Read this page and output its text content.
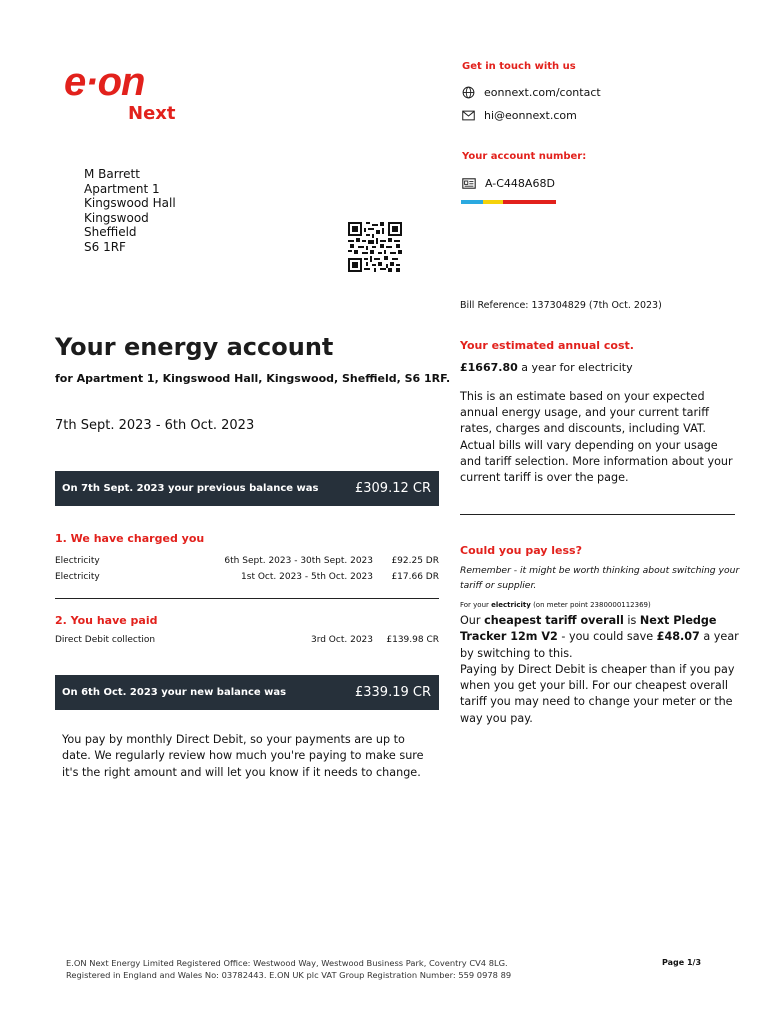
e·on
Next
Get in touch with us
eonnext.com/contact
hi@eonnext.com
Your account number:
A-C448A68D
M Barrett
Apartment 1
Kingswood Hall
Kingswood
Sheffield
S6 1RF
Bill Reference: 137304829 (7th Oct. 2023)
Your energy account
for Apartment 1, Kingswood Hall, Kingswood, Sheffield, S6 1RF.
7th Sept. 2023 - 6th Oct. 2023
On 7th Sept. 2023 your previous balance was	£309.12 CR
1. We have charged you
Electricity	6th Sept. 2023 - 30th Sept. 2023	£92.25 DR
Electricity	1st Oct. 2023 - 5th Oct. 2023	£17.66 DR
2. You have paid
Direct Debit collection	3rd Oct. 2023	£139.98 CR
On 6th Oct. 2023 your new balance was	£339.19 CR
You pay by monthly Direct Debit, so your payments are up to date. We regularly review how much you're paying to make sure it's the right amount and will let you know if it needs to change.
Your estimated annual cost.
£1667.80 a year for electricity
This is an estimate based on your expected annual energy usage, and your current tariff rates, charges and discounts, including VAT. Actual bills will vary depending on your usage and tariff selection. More information about your current tariff is over the page.
Could you pay less?
Remember - it might be worth thinking about switching your tariff or supplier.
For your electricity (on meter point 2380000112369)
Our cheapest tariff overall is Next Pledge Tracker 12m V2 - you could save £48.07 a year by switching to this.
Paying by Direct Debit is cheaper than if you pay when you get your bill. For our cheapest overall tariff you may need to change your meter or the way you pay.
E.ON Next Energy Limited Registered Office: Westwood Way, Westwood Business Park, Coventry CV4 8LG.
Registered in England and Wales No: 03782443. E.ON UK plc VAT Group Registration Number: 559 0978 89
Page 1/3
